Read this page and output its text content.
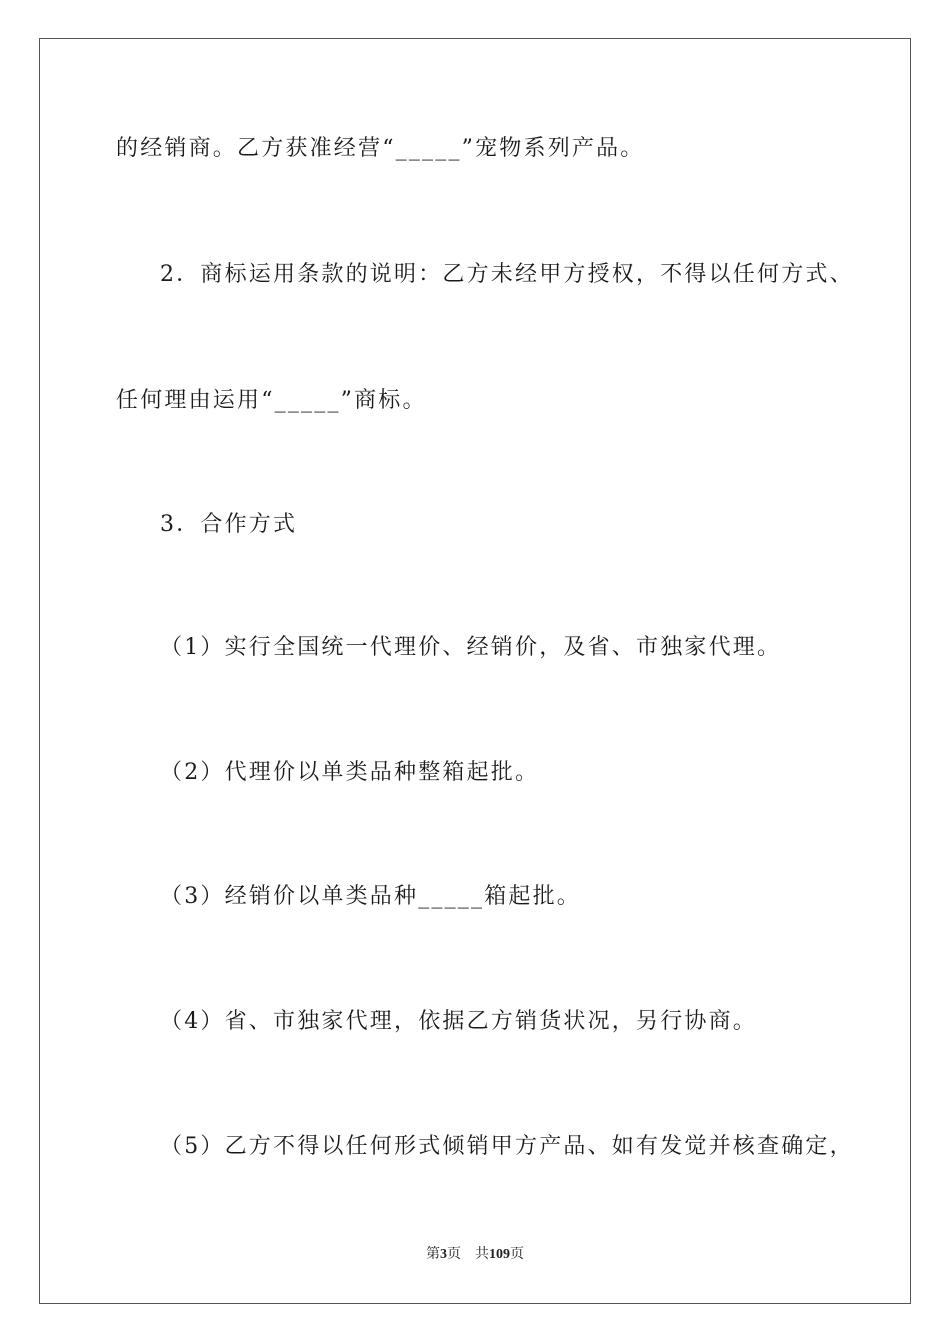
的经销商。乙方获准经营“_____”宠物系列产品。
2．商标运用条款的说明：乙方未经甲方授权，不得以任何方式、
任何理由运用“_____”商标。
3．合作方式
（1）实行全国统一代理价、经销价，及省、市独家代理。
（2）代理价以单类品种整箱起批。
（3）经销价以单类品种_____箱起批。
（4）省、市独家代理，依据乙方销货状况，另行协商。
（5）乙方不得以任何形式倾销甲方产品、如有发觉并核查确定，
第3页 共109页
